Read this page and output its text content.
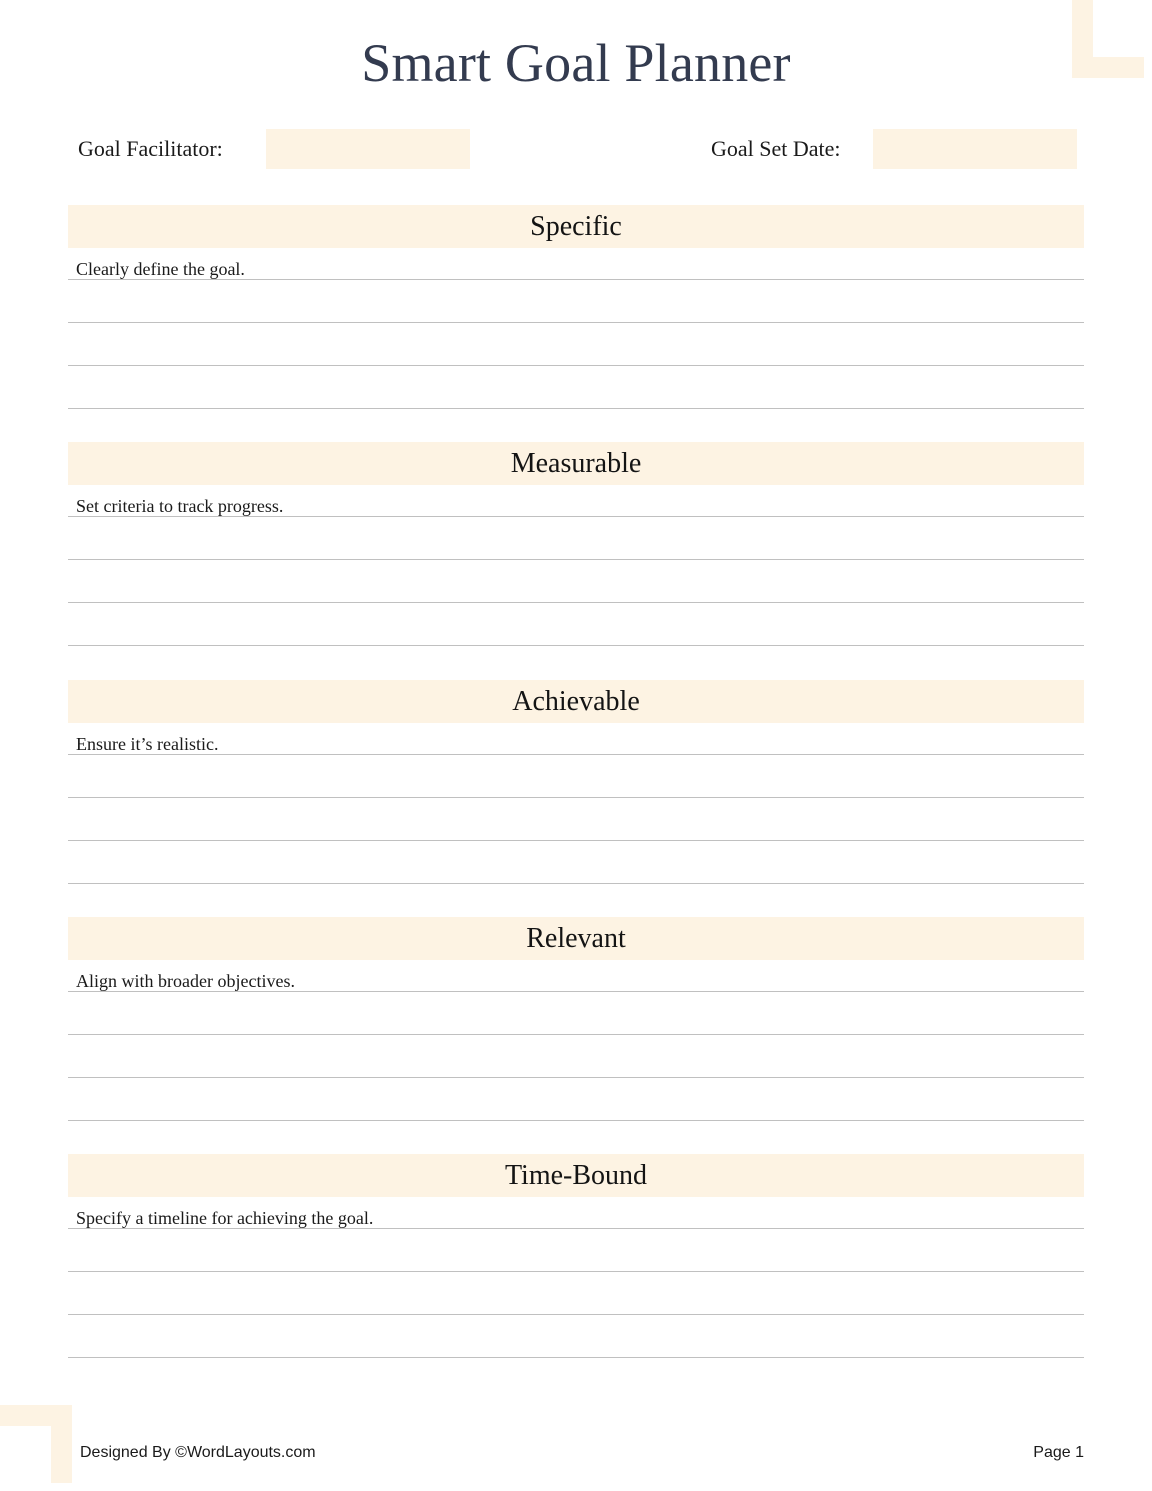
Smart Goal Planner
Goal Facilitator:	Goal Set Date:
Specific
Clearly define the goal.
Measurable
Set criteria to track progress.
Achievable
Ensure it’s realistic.
Relevant
Align with broader objectives.
Time-Bound
Specify a timeline for achieving the goal.
Designed By ©WordLayouts.com	Page 1
